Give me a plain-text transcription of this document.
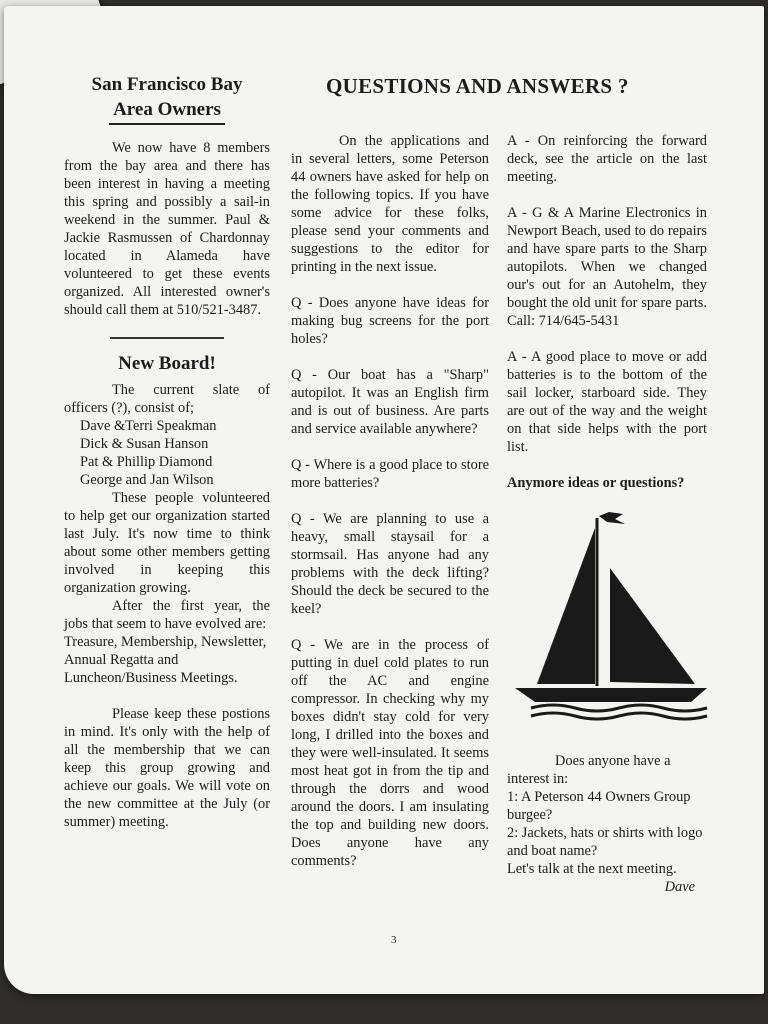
QUESTIONS AND ANSWERS ?
San Francisco Bay
Area Owners

We now have 8 members from the bay area and there has been interest in having a meeting this spring and possibly a sail-in weekend in the summer. Paul & Jackie Rasmussen of Chardonnay located in Alameda have volunteered to get these events organized. All interested owner's should call them at 510/521-3487.

New Board!

The current slate of officers (?), consist of;

Dave &Terri Speakman

Dick & Susan Hanson

Pat & Phillip Diamond

George and Jan Wilson

These people volunteered to help get our organization started last July. It's now time to think about some other members getting involved in keeping this organization growing.

After the first year, the jobs that seem to have evolved are:

Treasure, Membership, Newsletter, Annual Regatta and Luncheon/Business Meetings.

Please keep these postions in mind. It's only with the help of all the membership that we can keep this group growing and achieve our goals. We will vote on the new committee at the July (or summer) meeting.

On the applications and in several letters, some Peterson 44 owners have asked for help on the following topics. If you have some advice for these folks, please send your comments and suggestions to the editor for printing in the next issue.

Q - Does anyone have ideas for making bug screens for the port holes?

Q - Our boat has a "Sharp" autopilot. It was an English firm and is out of business. Are parts and service available anywhere?

Q - Where is a good place to store more batteries?

Q - We are planning to use a heavy, small staysail for a stormsail. Has anyone had any problems with the deck lifting? Should the deck be secured to the keel?

Q - We are in the process of putting in duel cold plates to run off the AC and engine compressor. In checking why my boxes didn't stay cold for very long, I drilled into the boxes and they were well-insulated. It seems most heat got in from the tip and through the dorrs and wood around the doors. I am insulating the top and building new doors. Does anyone have any comments?

A - On reinforcing the forward deck, see the article on the last meeting.

A - G & A Marine Electronics in Newport Beach, used to do repairs and have spare parts to the Sharp autopilots. When we changed our's out for an Autohelm, they bought the old unit for spare parts. Call: 714/645-5431

A - A good place to move or add batteries is to the bottom of the sail locker, starboard side. They are out of the way and the weight on that side helps with the port list.

Anymore ideas or questions?

Does anyone have a interest in:

1: A Peterson 44 Owners Group burgee?

2: Jackets, hats or shirts with logo and boat name?

Let's talk at the next meeting.

Dave

3
